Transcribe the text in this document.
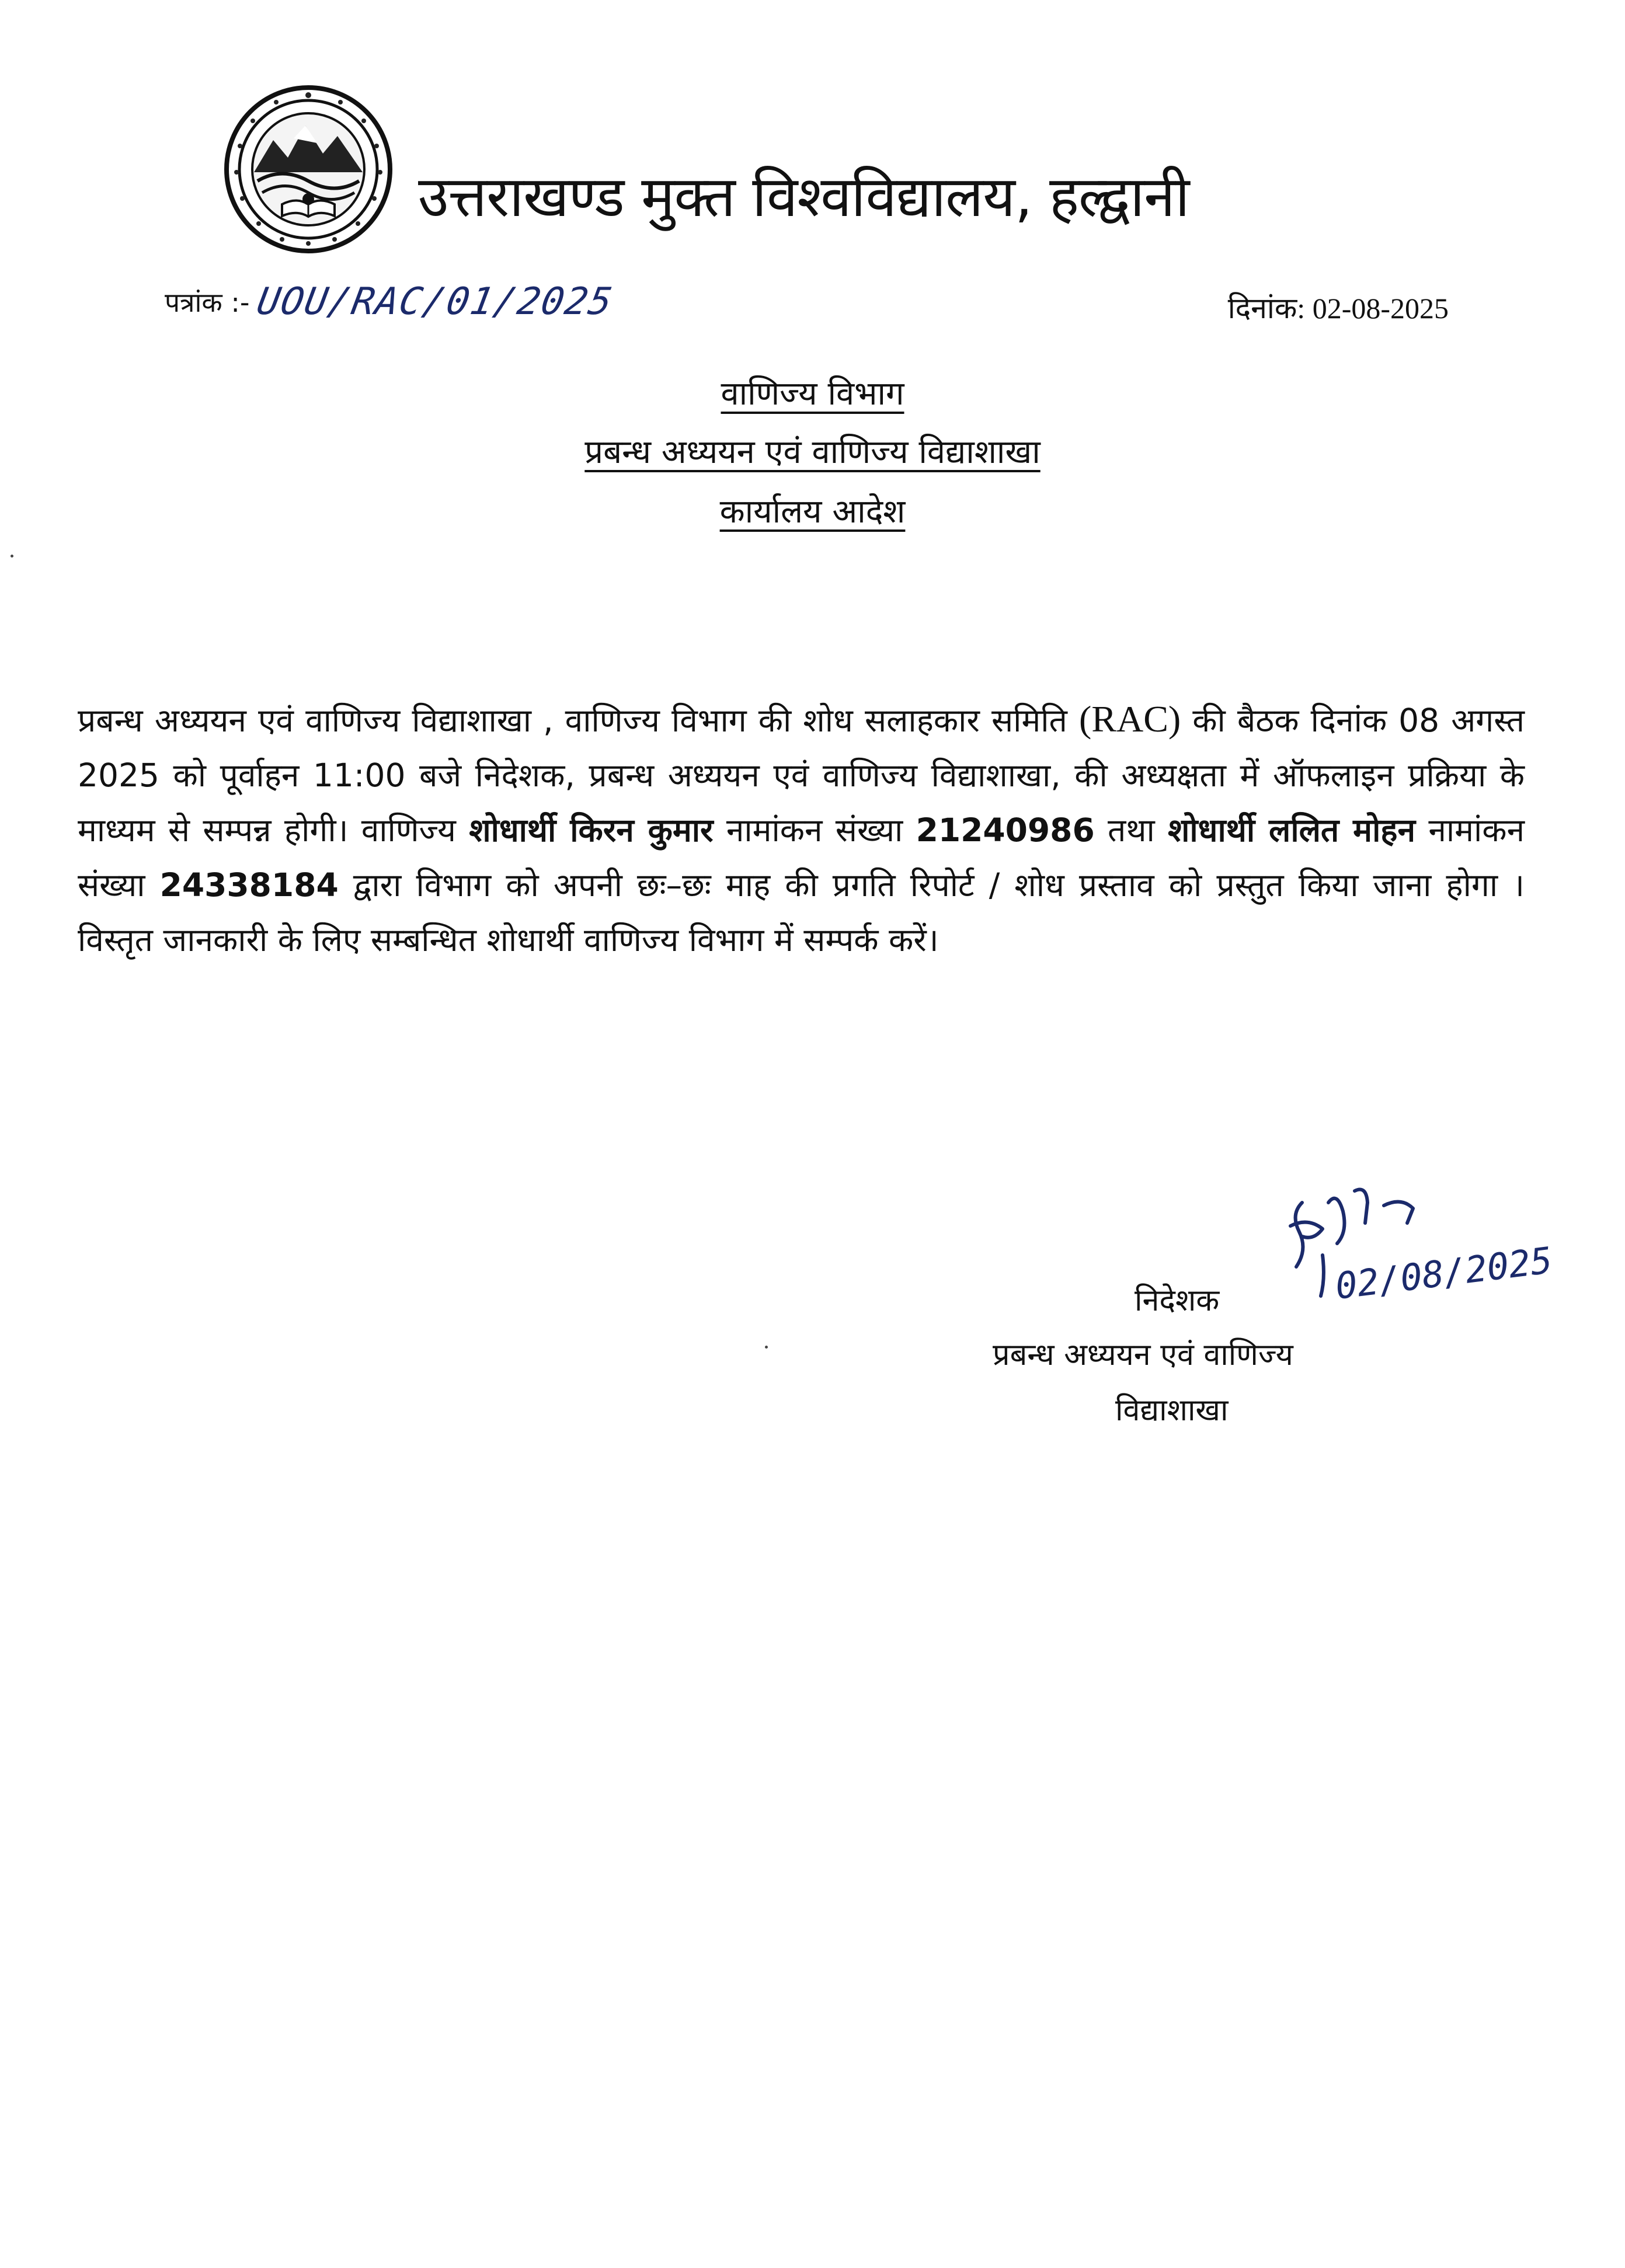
उत्तराखण्ड मुक्त विश्वविद्यालय, हल्द्वानी
पत्रांक :- UOU/RAC/01/2025	दिनांक: 02-08-2025
वाणिज्य विभाग
प्रबन्ध अध्ययन एवं वाणिज्य विद्याशाखा
कार्यालय आदेश
प्रबन्ध अध्ययन एवं वाणिज्य विद्याशाखा , वाणिज्य विभाग की शोध सलाहकार समिति (RAC) की बैठक दिनांक 08 अगस्त 2025 को पूर्वाहन 11:00 बजे निदेशक, प्रबन्ध अध्ययन एवं वाणिज्य विद्याशाखा, की अध्यक्षता में ऑफलाइन प्रक्रिया के माध्यम से सम्पन्न होगी। वाणिज्य शोधार्थी किरन कुमार नामांकन संख्या 21240986 तथा शोधार्थी ललित मोहन नामांकन संख्या 24338184 द्वारा विभाग को अपनी छः–छः माह की प्रगति रिपोर्ट / शोध प्रस्ताव को प्रस्तुत किया जाना होगा । विस्तृत जानकारी के लिए सम्बन्धित शोधार्थी वाणिज्य विभाग में सम्पर्क करें।
02/08/2025
निदेशक
प्रबन्ध अध्ययन एवं वाणिज्य
विद्याशाखा
